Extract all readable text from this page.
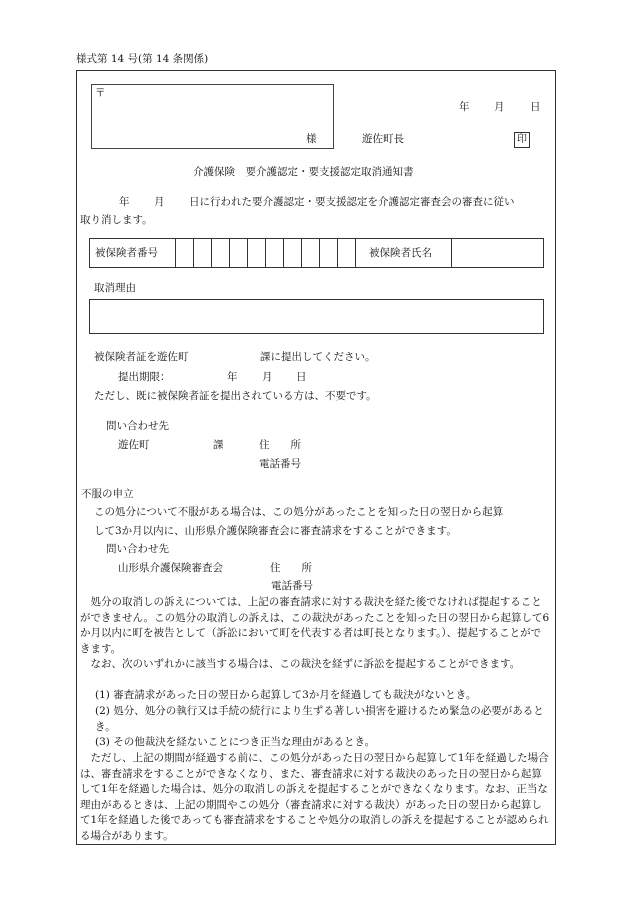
様式第 14 号(第 14 条関係)
〒
様
年 月 日
遊佐町長	印
介護保険　要介護認定・要支援認定取消通知書
年 月 日に行われた要介護認定・要支援認定を介護認定審査会の審査に従い
取り消します。
被保険者番号	被保険者氏名
取消理由
被保険者証を遊佐町	課に提出してください。
提出期限：	年 月 日
ただし、既に被保険者証を提出されている方は、不要です。
問い合わせ先
遊佐町	課	住　　所
電話番号
不服の申立
この処分について不服がある場合は、この処分があったことを知った日の翌日から起算
して3か月以内に、山形県介護保険審査会に審査請求をすることができます。
問い合わせ先
山形県介護保険審査会	住　　所
電話番号
処分の取消しの訴えについては、上記の審査請求に対する裁決を経た後でなければ提起することができません。この処分の取消しの訴えは、この裁決があったことを知った日の翌日から起算して6か月以内に町を被告として（訴訟において町を代表する者は町長となります。）、提起することができます。
なお、次のいずれかに該当する場合は、この裁決を経ずに訴訟を提起することができます。
(1) 審査請求があった日の翌日から起算して3か月を経過しても裁決がないとき。
(2) 処分、処分の執行又は手続の続行により生ずる著しい損害を避けるため緊急の必要があるとき。
(3) その他裁決を経ないことにつき正当な理由があるとき。
ただし、上記の期間が経過する前に、この処分があった日の翌日から起算して1年を経過した場合は、審査請求をすることができなくなり、また、審査請求に対する裁決のあった日の翌日から起算して1年を経過した場合は、処分の取消しの訴えを提起することができなくなります。なお、正当な理由があるときは、上記の期間やこの処分（審査請求に対する裁決）があった日の翌日から起算して1年を経過した後であっても審査請求をすることや処分の取消しの訴えを提起することが認められる場合があります。
